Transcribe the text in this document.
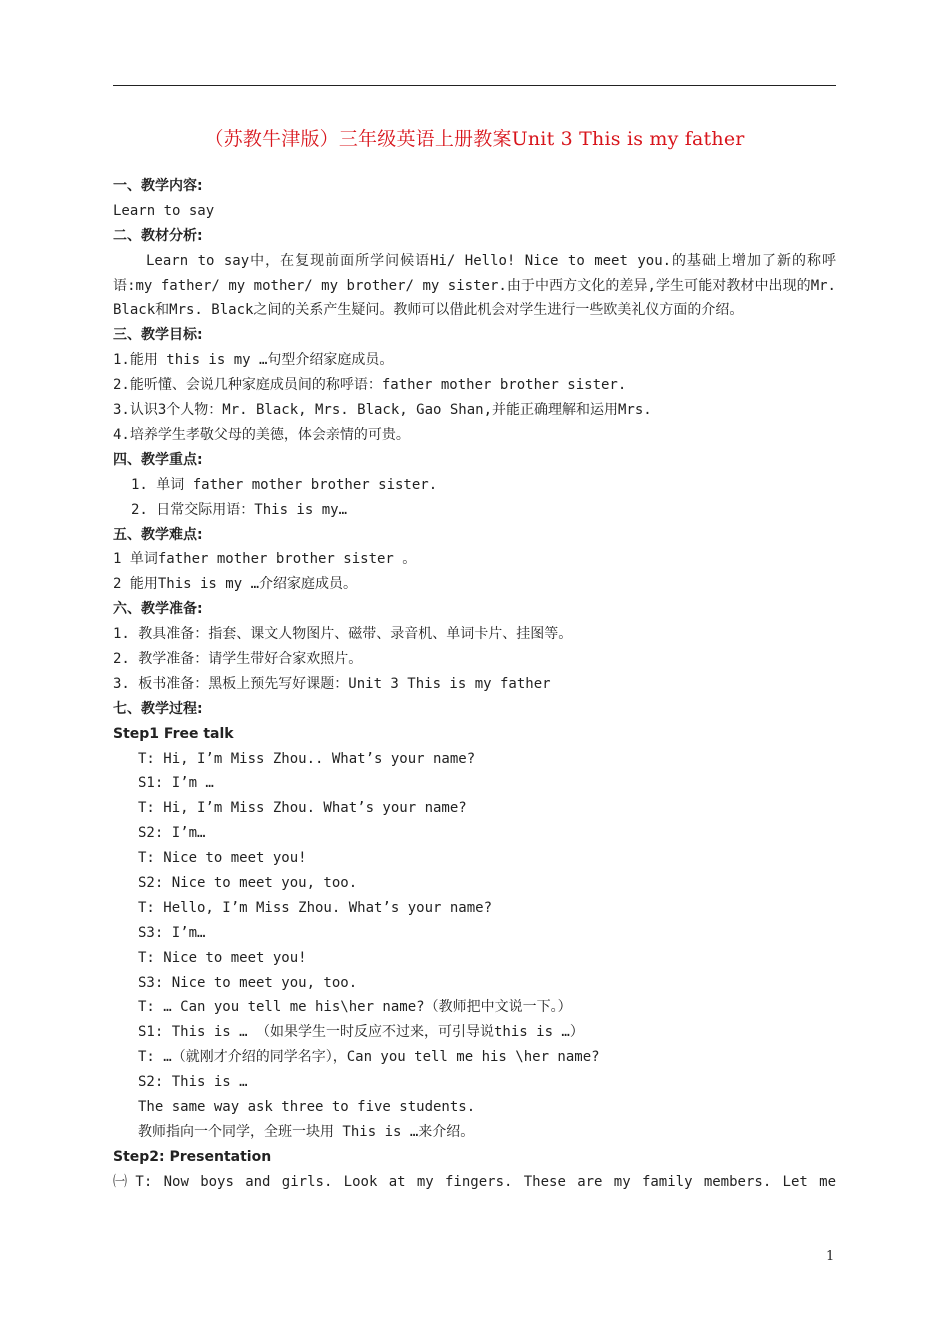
（苏教牛津版）三年级英语上册教案Unit 3 This is my father
一、教学内容:
Learn to say
二、教材分析:
Learn to say中，在复现前面所学问候语Hi/ Hello! Nice to meet you.的基础上增加了新的称呼语:my father/ my mother/ my brother/ my sister.由于中西方文化的差异,学生可能对教材中出现的Mr. Black和Mrs. Black之间的关系产生疑问。教师可以借此机会对学生进行一些欧美礼仪方面的介绍。
三、教学目标:
1.能用 this is my …句型介绍家庭成员。
2.能听懂、会说几种家庭成员间的称呼语：father mother brother sister.
3.认识3个人物：Mr. Black, Mrs. Black, Gao Shan,并能正确理解和运用Mrs.
4.培养学生孝敬父母的美德，体会亲情的可贵。
四、教学重点:
1. 单词 father mother brother sister.
2. 日常交际用语：This is my…
五、教学难点:
1 单词father mother brother sister 。
2 能用This is my …介绍家庭成员。
六、教学准备:
1. 教具准备：指套、课文人物图片、磁带、录音机、单词卡片、挂图等。
2. 教学准备：请学生带好合家欢照片。
3. 板书准备：黑板上预先写好课题：Unit 3 This is my father
七、教学过程:
Step1 Free talk
T: Hi, I’m Miss Zhou.. What’s your name?
S1: I’m …
T: Hi, I’m Miss Zhou. What’s your name?
S2: I’m…
T: Nice to meet you!
S2: Nice to meet you, too.
T: Hello, I’m Miss Zhou. What’s your name?
S3: I’m…
T: Nice to meet you!
S3: Nice to meet you, too.
T: … Can you tell me his\her name?（教师把中文说一下。）
S1: This is … （如果学生一时反应不过来，可引导说this is …）
T: …（就刚才介绍的同学名字），Can you tell me his \her name?
S2: This is …
The same way ask three to five students.
教师指向一个同学，全班一块用 This is …来介绍。
Step2: Presentation
㈠ T: Now boys and girls. Look at my fingers. These are my family members. Let me
1
